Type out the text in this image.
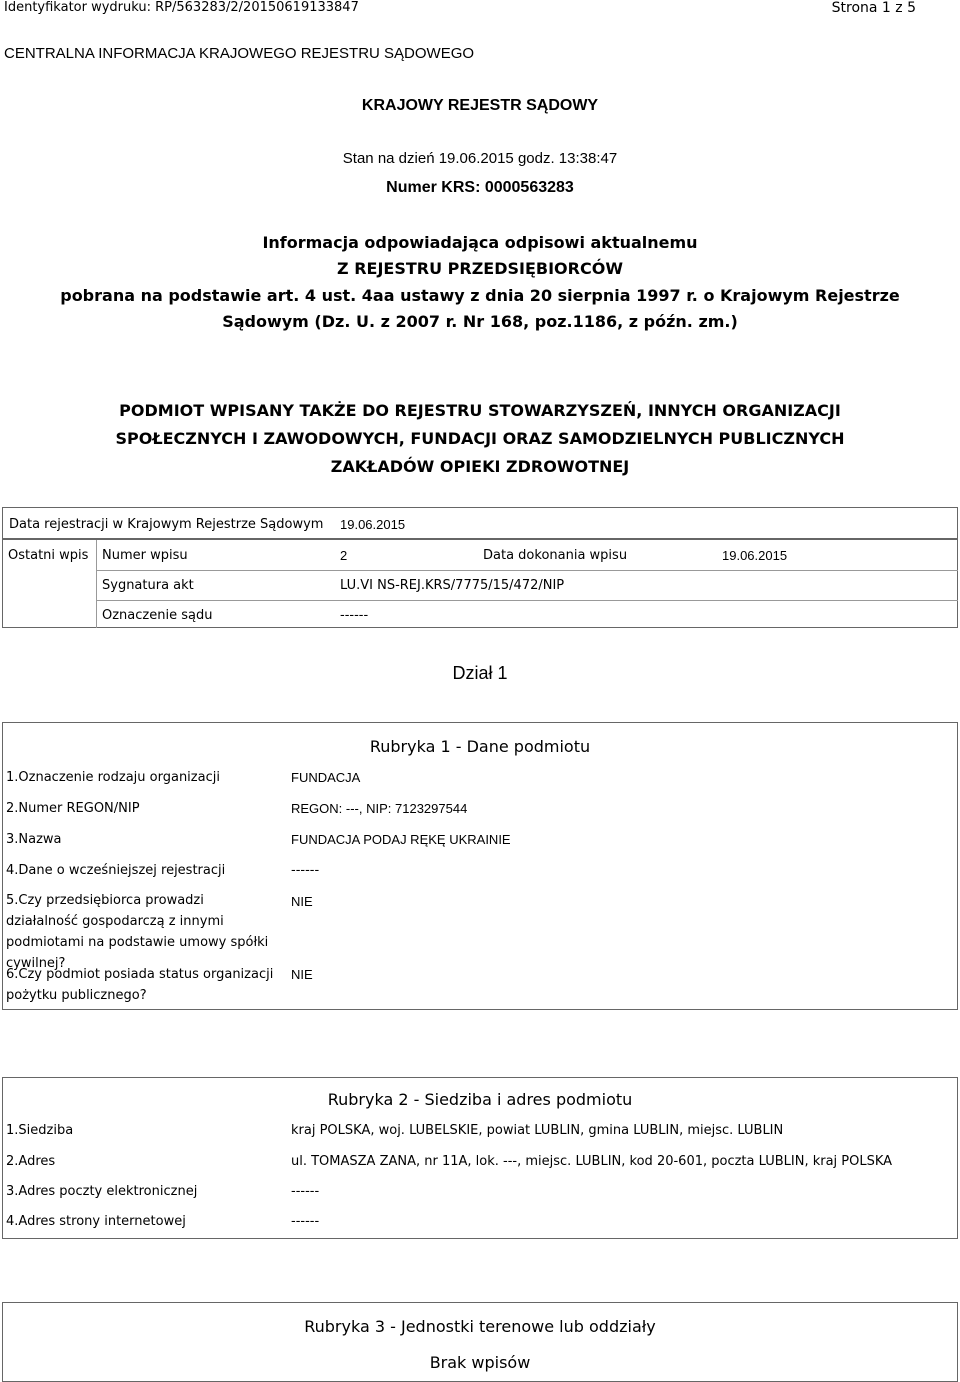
Identyfikator wydruku: RP/563283/2/20150619133847	Strona 1 z 5
CENTRALNA INFORMACJA KRAJOWEGO REJESTRU SĄDOWEGO
KRAJOWY REJESTR SĄDOWY
Stan na dzień 19.06.2015 godz. 13:38:47
Numer KRS: 0000563283
Informacja odpowiadająca odpisowi aktualnemu
Z REJESTRU PRZEDSIĘBIORCÓW
pobrana na podstawie art. 4 ust. 4aa ustawy z dnia 20 sierpnia 1997 r. o Krajowym Rejestrze
Sądowym (Dz. U. z 2007 r. Nr 168, poz.1186, z późn. zm.)
PODMIOT WPISANY TAKŻE DO REJESTRU STOWARZYSZEŃ, INNYCH ORGANIZACJI SPOŁECZNYCH I ZAWODOWYCH, FUNDACJI ORAZ SAMODZIELNYCH PUBLICZNYCH ZAKŁADÓW OPIEKI ZDROWOTNEJ
Data rejestracji w Krajowym Rejestrze Sądowym 19.06.2015
Ostatni wpis Numer wpisu	2	Data dokonania wpisu	19.06.2015
Sygnatura akt	LU.VI NS-REJ.KRS/7775/15/472/NIP
Oznaczenie sądu	------
Dział 1
Rubryka 1 - Dane podmiotu
1.Oznaczenie rodzaju organizacji	FUNDACJA
2.Numer REGON/NIP	REGON: ---, NIP: 7123297544
3.Nazwa	FUNDACJA PODAJ RĘKĘ UKRAINIE
4.Dane o wcześniejszej rejestracji	------
5.Czy przedsiębiorca prowadzi działalność gospodarczą z innymi podmiotami na podstawie umowy spółki cywilnej?
NIE
6.Czy podmiot posiada status organizacji pożytku publicznego?
NIE
Rubryka 2 - Siedziba i adres podmiotu
1.Siedziba	kraj POLSKA, woj. LUBELSKIE, powiat LUBLIN, gmina LUBLIN, miejsc. LUBLIN
2.Adres	ul. TOMASZA ZANA, nr 11A, lok. ---, miejsc. LUBLIN, kod 20-601, poczta LUBLIN, kraj POLSKA
3.Adres poczty elektronicznej	------
4.Adres strony internetowej	------
Rubryka 3 - Jednostki terenowe lub oddziały
Brak wpisów
